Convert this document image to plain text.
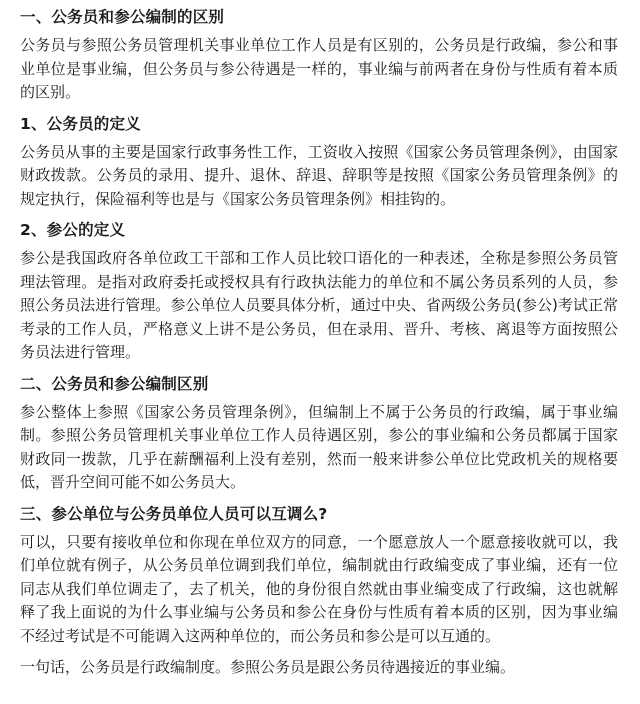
一、公务员和参公编制的区别

公务员与参照公务员管理机关事业单位工作人员是有区别的，公务员是行政编，参公和事业单位是事业编，但公务员与参公待遇是一样的，事业编与前两者在身份与性质有着本质的区别。

1、公务员的定义

公务员从事的主要是国家行政事务性工作，工资收入按照《国家公务员管理条例》，由国家财政拨款。公务员的录用、提升、退休、辞退、辞职等是按照《国家公务员管理条例》的规定执行，保险福利等也是与《国家公务员管理条例》相挂钩的。

2、参公的定义

参公是我国政府各单位政工干部和工作人员比较口语化的一种表述，全称是参照公务员管理法管理。是指对政府委托或授权具有行政执法能力的单位和不属公务员系列的人员，参照公务员法进行管理。参公单位人员要具体分析，通过中央、省两级公务员(参公)考试正常考录的工作人员，严格意义上讲不是公务员，但在录用、晋升、考核、离退等方面按照公务员法进行管理。

二、公务员和参公编制区别

参公整体上参照《国家公务员管理条例》，但编制上不属于公务员的行政编，属于事业编制。参照公务员管理机关事业单位工作人员待遇区别，参公的事业编和公务员都属于国家财政同一拨款，几乎在薪酬福利上没有差别，然而一般来讲参公单位比党政机关的规格要低，晋升空间可能不如公务员大。

三、参公单位与公务员单位人员可以互调么?

可以，只要有接收单位和你现在单位双方的同意，一个愿意放人一个愿意接收就可以，我们单位就有例子，从公务员单位调到我们单位，编制就由行政编变成了事业编，还有一位同志从我们单位调走了，去了机关，他的身份很自然就由事业编变成了行政编，这也就解释了我上面说的为什么事业编与公务员和参公在身份与性质有着本质的区别，因为事业编不经过考试是不可能调入这两种单位的，而公务员和参公是可以互通的。

一句话，公务员是行政编制度。参照公务员是跟公务员待遇接近的事业编。
